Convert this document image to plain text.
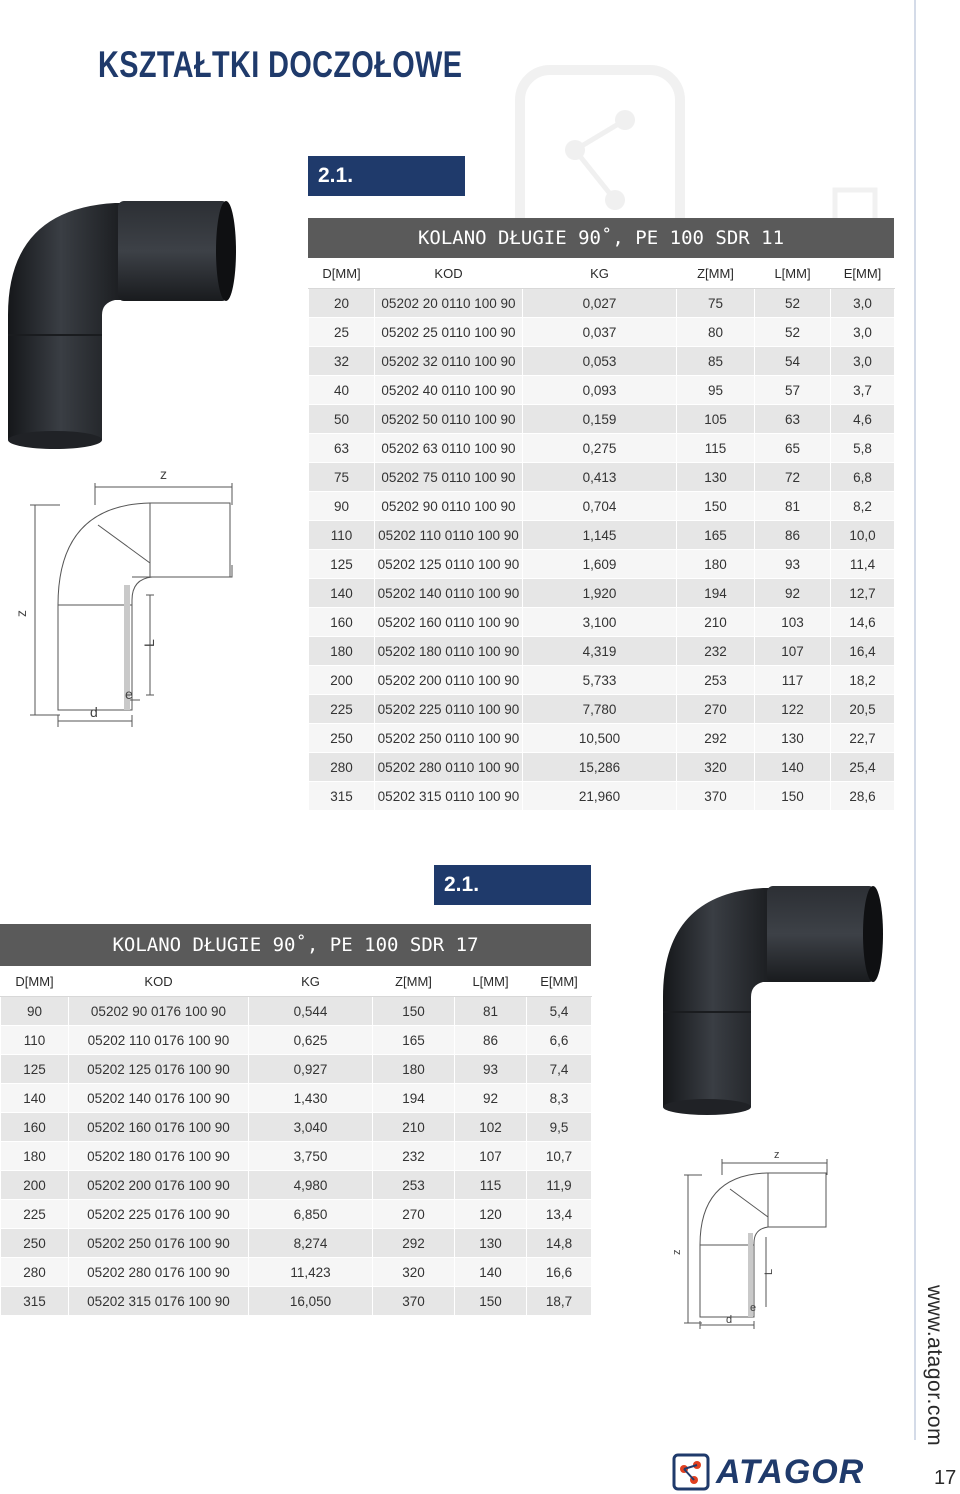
KSZTAŁTKI DOCZOŁOWE
2.1.
KOLANO DŁUGIE 90˚, PE 100 SDR 11
D[MM]	KOD	KG	Z[MM]	L[MM]	E[MM]
20	05202 20 0110 100 90	0,027	75	52	3,0
25	05202 25 0110 100 90	0,037	80	52	3,0
32	05202 32 0110 100 90	0,053	85	54	3,0
40	05202 40 0110 100 90	0,093	95	57	3,7
50	05202 50 0110 100 90	0,159	105	63	4,6
63	05202 63 0110 100 90	0,275	115	65	5,8
75	05202 75 0110 100 90	0,413	130	72	6,8
90	05202 90 0110 100 90	0,704	150	81	8,2
110	05202 110 0110 100 90	1,145	165	86	10,0
125	05202 125 0110 100 90	1,609	180	93	11,4
140	05202 140 0110 100 90	1,920	194	92	12,7
160	05202 160 0110 100 90	3,100	210	103	14,6
180	05202 180 0110 100 90	4,319	232	107	16,4
200	05202 200 0110 100 90	5,733	253	117	18,2
225	05202 225 0110 100 90	7,780	270	122	20,5
250	05202 250 0110 100 90	10,500	292	130	22,7
280	05202 280 0110 100 90	15,286	320	140	25,4
315	05202 315 0110 100 90	21,960	370	150	28,6
z
z
L
e
d
2.1.
KOLANO DŁUGIE 90˚, PE 100 SDR 17
D[MM]	KOD	KG	Z[MM]	L[MM]	E[MM]
90	05202 90 0176 100 90	0,544	150	81	5,4
110	05202 110 0176 100 90	0,625	165	86	6,6
125	05202 125 0176 100 90	0,927	180	93	7,4
140	05202 140 0176 100 90	1,430	194	92	8,3
160	05202 160 0176 100 90	3,040	210	102	9,5
180	05202 180 0176 100 90	3,750	232	107	10,7
200	05202 200 0176 100 90	4,980	253	115	11,9
225	05202 225 0176 100 90	6,850	270	120	13,4
250	05202 250 0176 100 90	8,274	292	130	14,8
280	05202 280 0176 100 90	11,423	320	140	16,6
315	05202 315 0176 100 90	16,050	370	150	18,7
z
z
L
e
d	www.atagor.com
ATAGOR	17
